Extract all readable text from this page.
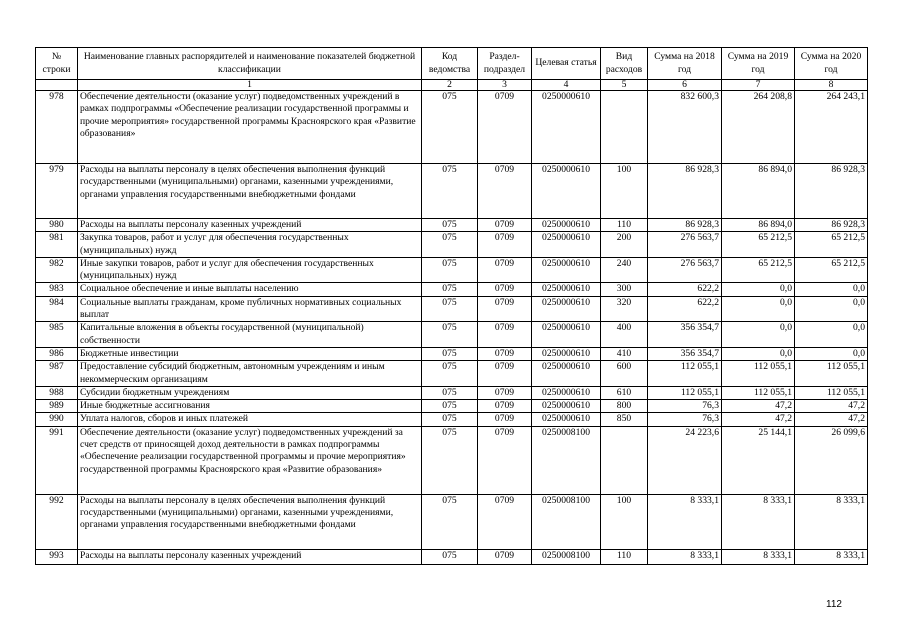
№ строки	Наименование главных распорядителей и наименование показателей бюджетной классификации	Код ведомства	Раздел-подраздел	Целевая статья	Вид расходов	Сумма на 2018 год	Сумма на 2019 год	Сумма на 2020 год
	1	2	3	4	5	6	7	8
978	Обеспечение деятельности (оказание услуг) подведомственных учреждений в рамках подпрограммы «Обеспечение реализации государственной программы и прочие мероприятия» государственной программы Красноярского края «Развитие образования»	075	0709	0250000610		832 600,3	264 208,8	264 243,1
979	Расходы на выплаты персоналу в целях обеспечения выполнения функций государственными (муниципальными) органами, казенными учреждениями, органами управления государственными внебюджетными фондами	075	0709	0250000610	100	86 928,3	86 894,0	86 928,3
980	Расходы на выплаты персоналу казенных учреждений	075	0709	0250000610	110	86 928,3	86 894,0	86 928,3
981	Закупка товаров, работ и услуг для обеспечения государственных (муниципальных) нужд	075	0709	0250000610	200	276 563,7	65 212,5	65 212,5
982	Иные закупки товаров, работ и услуг для обеспечения государственных (муниципальных) нужд	075	0709	0250000610	240	276 563,7	65 212,5	65 212,5
983	Социальное обеспечение и иные выплаты населению	075	0709	0250000610	300	622,2	0,0	0,0
984	Социальные выплаты гражданам, кроме публичных нормативных социальных выплат	075	0709	0250000610	320	622,2	0,0	0,0
985	Капитальные вложения в объекты государственной (муниципальной) собственности	075	0709	0250000610	400	356 354,7	0,0	0,0
986	Бюджетные инвестиции	075	0709	0250000610	410	356 354,7	0,0	0,0
987	Предоставление субсидий бюджетным, автономным учреждениям и иным некоммерческим организациям	075	0709	0250000610	600	112 055,1	112 055,1	112 055,1
988	Субсидии бюджетным учреждениям	075	0709	0250000610	610	112 055,1	112 055,1	112 055,1
989	Иные бюджетные ассигнования	075	0709	0250000610	800	76,3	47,2	47,2
990	Уплата налогов, сборов и иных платежей	075	0709	0250000610	850	76,3	47,2	47,2
991	Обеспечение деятельности (оказание услуг) подведомственных учреждений за счет средств от приносящей доход деятельности в рамках подпрограммы «Обеспечение реализации государственной программы и прочие мероприятия» государственной программы Красноярского края «Развитие образования»	075	0709	0250008100		24 223,6	25 144,1	26 099,6
992	Расходы на выплаты персоналу в целях обеспечения выполнения функций государственными (муниципальными) органами, казенными учреждениями, органами управления государственными внебюджетными фондами	075	0709	0250008100	100	8 333,1	8 333,1	8 333,1
993	Расходы на выплаты персоналу казенных учреждений	075	0709	0250008100	110	8 333,1	8 333,1	8 333,1
112
